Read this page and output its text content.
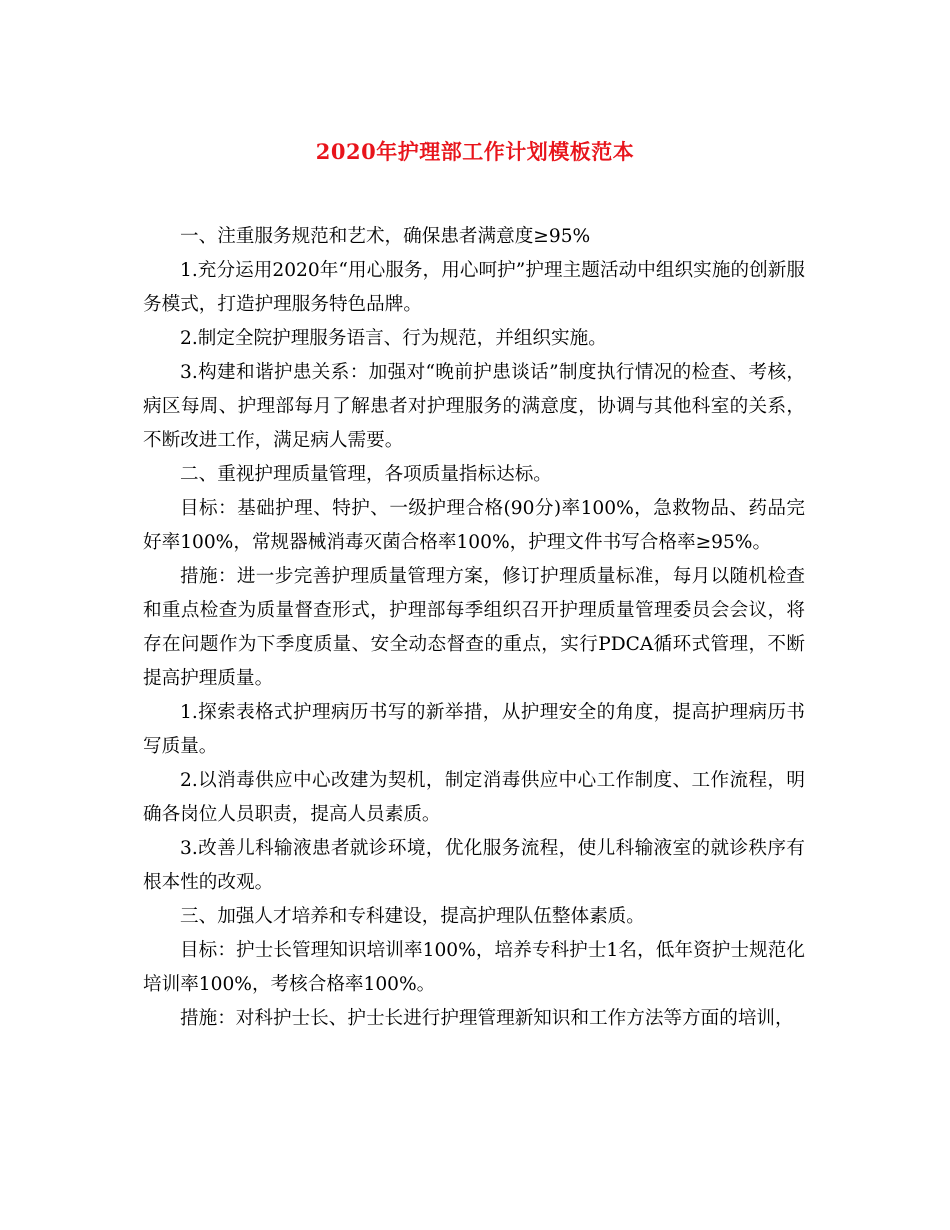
2020年护理部工作计划模板范本

一、注重服务规范和艺术，确保患者满意度≥95%

1.充分运用2020年“用心服务，用心呵护”护理主题活动中组织实施的创新服务模式，打造护理服务特色品牌。

2.制定全院护理服务语言、行为规范，并组织实施。

3.构建和谐护患关系：加强对“晚前护患谈话”制度执行情况的检查、考核，病区每周、护理部每月了解患者对护理服务的满意度，协调与其他科室的关系，不断改进工作，满足病人需要。

二、重视护理质量管理，各项质量指标达标。

目标：基础护理、特护、一级护理合格(90分)率100%，急救物品、药品完好率100%，常规器械消毒灭菌合格率100%，护理文件书写合格率≥95%。

措施：进一步完善护理质量管理方案，修订护理质量标准，每月以随机检查和重点检查为质量督查形式，护理部每季组织召开护理质量管理委员会会议，将存在问题作为下季度质量、安全动态督查的重点，实行PDCA循环式管理，不断提高护理质量。

1.探索表格式护理病历书写的新举措，从护理安全的角度，提高护理病历书写质量。

2.以消毒供应中心改建为契机，制定消毒供应中心工作制度、工作流程，明确各岗位人员职责，提高人员素质。

3.改善儿科输液患者就诊环境，优化服务流程，使儿科输液室的就诊秩序有根本性的改观。

三、加强人才培养和专科建设，提高护理队伍整体素质。

目标：护士长管理知识培训率100%，培养专科护士1名，低年资护士规范化培训率100%，考核合格率100%。

措施：对科护士长、护士长进行护理管理新知识和工作方法等方面的培训，
